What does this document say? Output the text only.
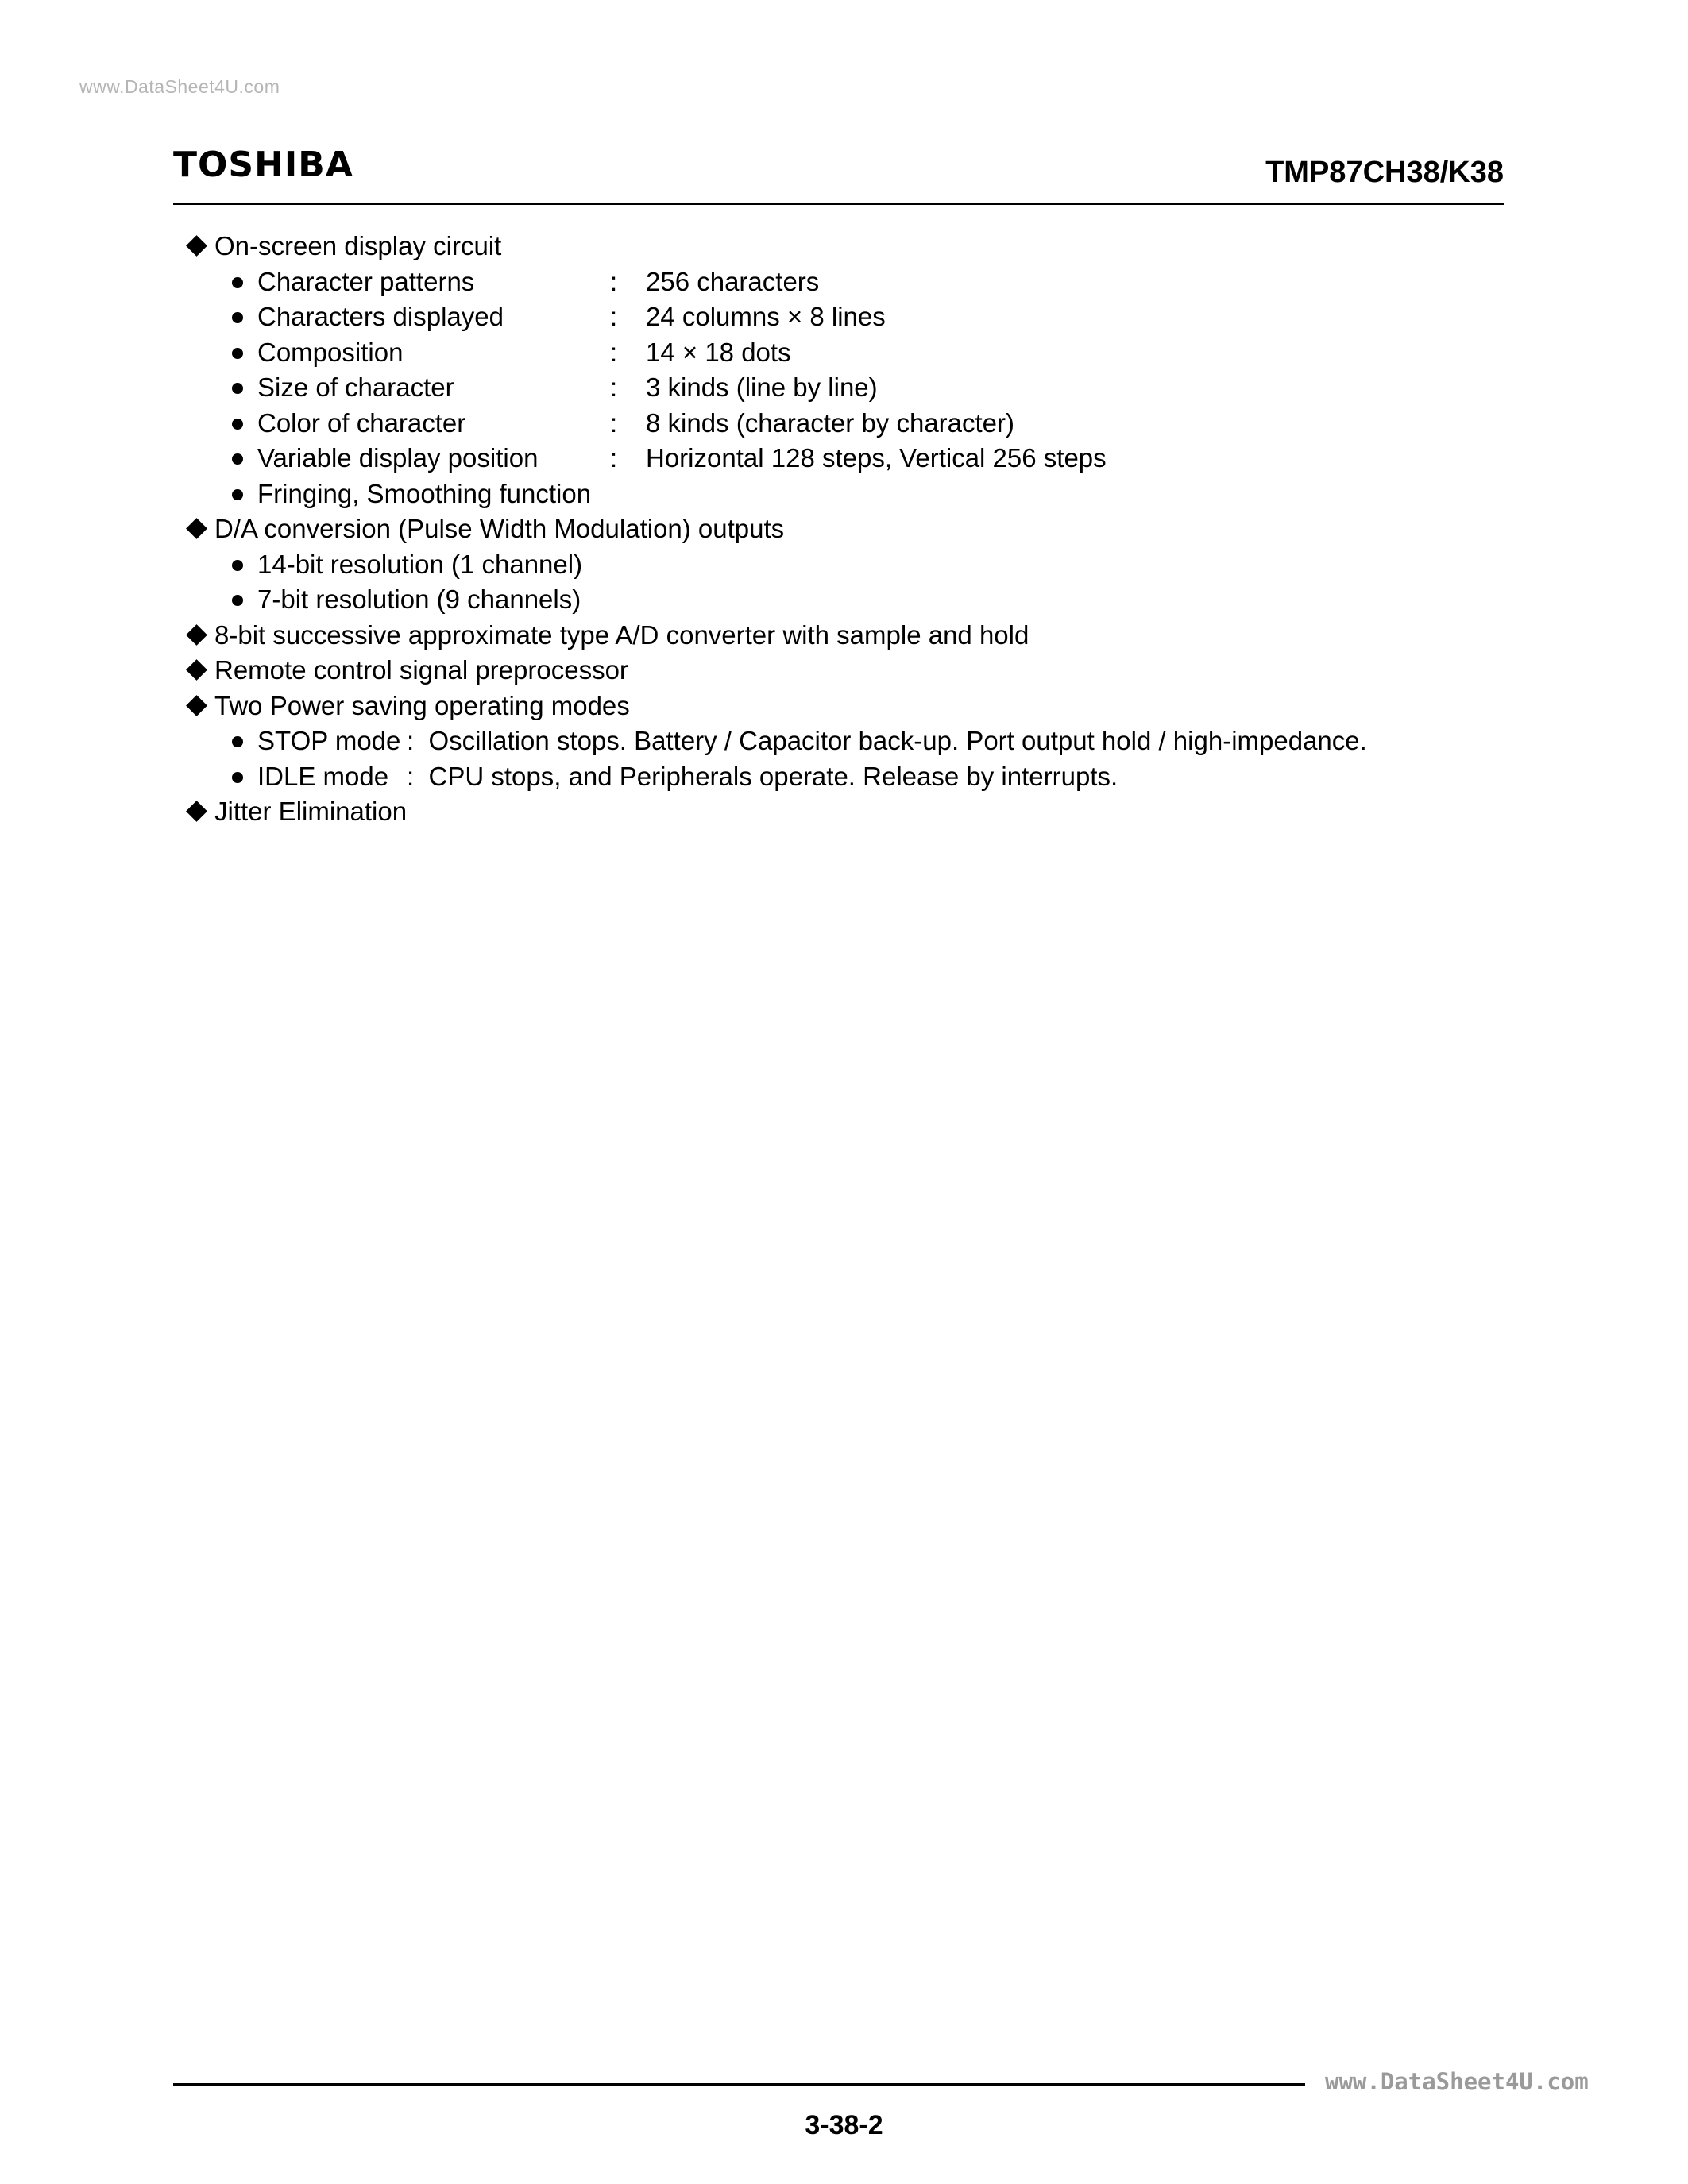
www.DataSheet4U.com
TOSHIBA	TMP87CH38/K38
On-screen display circuit
Character patterns	: 256 characters
Characters displayed	: 24 columns × 8 lines
Composition	: 14 × 18 dots
Size of character	: 3 kinds (line by line)
Color of character	: 8 kinds (character by character)
Variable display position	: Horizontal 128 steps, Vertical 256 steps
Fringing, Smoothing function
D/A conversion (Pulse Width Modulation) outputs
14-bit resolution (1 channel)
7-bit resolution (9 channels)
8-bit successive approximate type A/D converter with sample and hold
Remote control signal preprocessor
Two Power saving operating modes
STOP mode :  Oscillation stops. Battery / Capacitor back-up. Port output hold / high-impedance.
IDLE mode :  CPU stops, and Peripherals operate. Release by interrupts.
Jitter Elimination
www.DataSheet4U.com
3-38-2
